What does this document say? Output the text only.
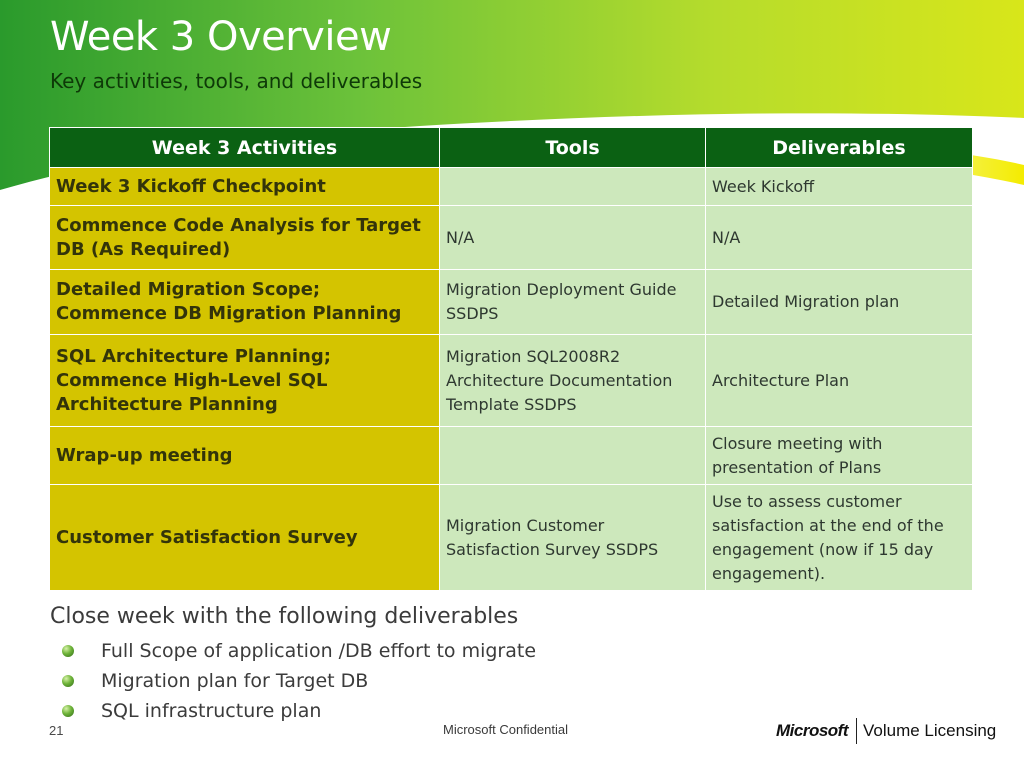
Week 3 Overview
Key activities, tools, and deliverables
Week 3 Activities	Tools	Deliverables
Week 3 Kickoff Checkpoint		Week Kickoff
Commence Code Analysis for Target DB (As Required)	N/A	N/A
Detailed Migration Scope; Commence DB Migration Planning	Migration Deployment Guide SSDPS	Detailed Migration plan
SQL Architecture Planning; Commence High-Level SQL Architecture Planning	Migration SQL2008R2 Architecture Documentation Template SSDPS	Architecture Plan
Wrap-up meeting		Closure meeting with presentation of Plans
Customer Satisfaction Survey	Migration Customer Satisfaction Survey SSDPS	Use to assess customer satisfaction at the end of the engagement (now if 15 day engagement).
Close week with the following deliverables
Full Scope of application /DB effort to migrate
Migration plan for Target DB
SQL infrastructure plan
21	Microsoft Confidential	Microsoft Volume Licensing
